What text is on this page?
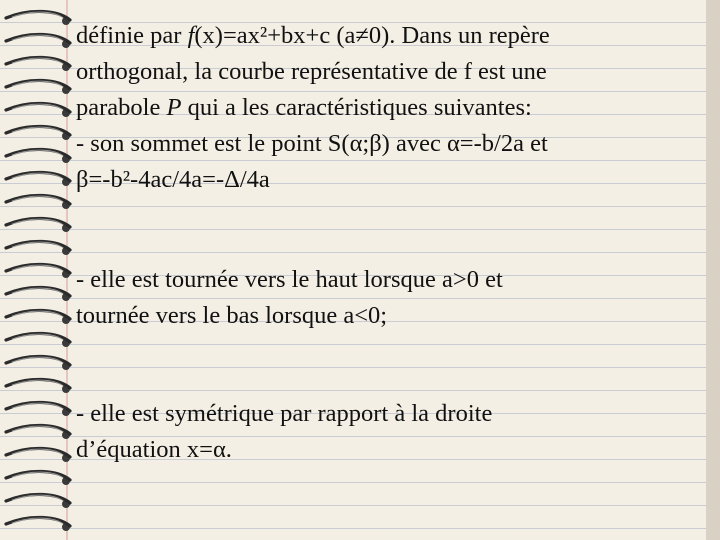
définie par f(x)=ax²+bx+c (a≠0). Dans un repère

orthogonal, la courbe représentative de f est une

parabole P qui a les caractéristiques suivantes:

- son sommet est le point S(α;β) avec α=-b/2a et

β=-b²-4ac/4a=-Δ/4a

- elle est tournée vers le haut lorsque a>0 et

tournée vers le bas lorsque a<0;

- elle est symétrique par rapport à la droite

d’équation x=α.
